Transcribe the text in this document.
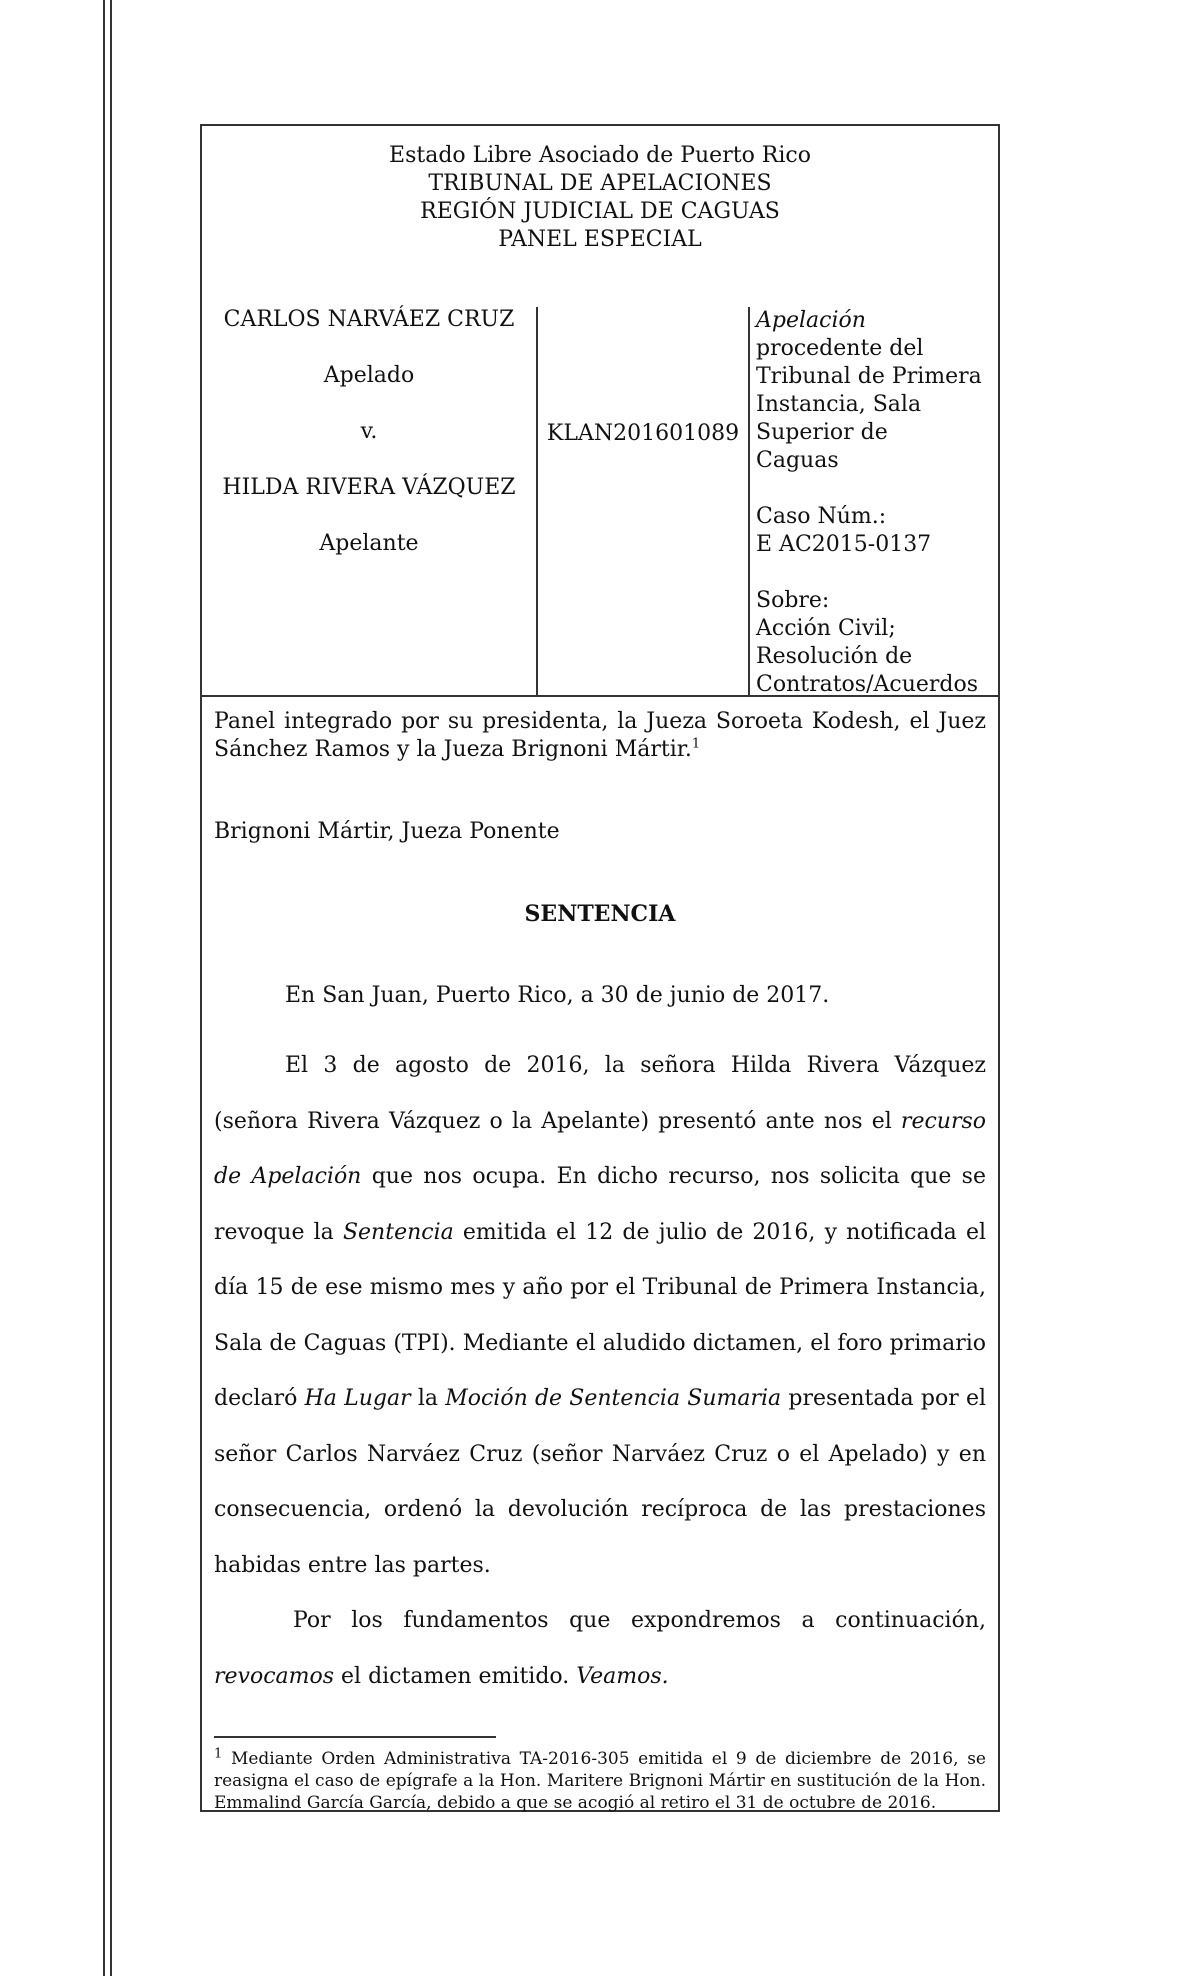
Estado Libre Asociado de Puerto Rico
TRIBUNAL DE APELACIONES
REGIÓN JUDICIAL DE CAGUAS
PANEL ESPECIAL
CARLOS NARVÁEZ CRUZ
Apelado
v.
HILDA RIVERA VÁZQUEZ
Apelante
KLAN201601089

Apelación

procedente del

Tribunal de Primera

Instancia, Sala

Superior de

Caguas

Caso Núm.:

E AC2015-0137

Sobre:

Acción Civil;

Resolución de

Contratos/Acuerdos

Panel integrado por su presidenta, la Jueza Soroeta Kodesh, el Juez Sánchez Ramos y la Jueza Brignoni Mártir.$^1$

Brignoni Mártir, Jueza Ponente

SENTENCIA

En San Juan, Puerto Rico, a 30 de junio de 2017.

El 3 de agosto de 2016, la señora Hilda Rivera Vázquez (señora Rivera Vázquez o la Apelante) presentó ante nos el recurso de Apelación que nos ocupa. En dicho recurso, nos solicita que se revoque la Sentencia emitida el 12 de julio de 2016, y notificada el día 15 de ese mismo mes y año por el Tribunal de Primera Instancia, Sala de Caguas (TPI). Mediante el aludido dictamen, el foro primario declaró Ha Lugar la Moción de Sentencia Sumaria presentada por el señor Carlos Narváez Cruz (señor Narváez Cruz o el Apelado) y en consecuencia, ordenó la devolución recíproca de las prestaciones habidas entre las partes.

Por los fundamentos que expondremos a continuación, revocamos el dictamen emitido. Veamos.

$^1$ Mediante Orden Administrativa TA-2016-305 emitida el 9 de diciembre de 2016, se reasigna el caso de epígrafe a la Hon. Maritere Brignoni Mártir en sustitución de la Hon. Emmalind García García, debido a que se acogió al retiro el 31 de octubre de 2016.
